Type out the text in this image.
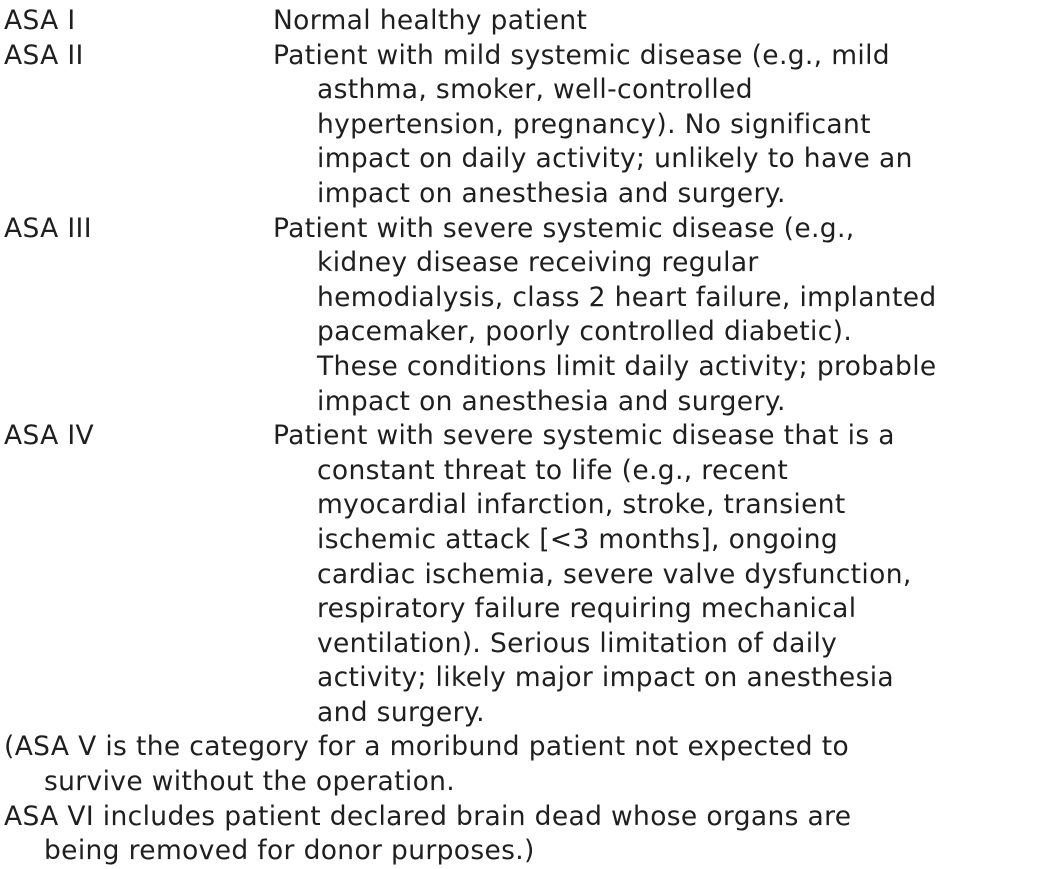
ASA I	Normal healthy patient
ASA II	Patient with mild systemic disease (e.g., mild
asthma, smoker, well-controlled
hypertension, pregnancy). No significant
impact on daily activity; unlikely to have an
impact on anesthesia and surgery.
ASA III	Patient with severe systemic disease (e.g.,
kidney disease receiving regular
hemodialysis, class 2 heart failure, implanted
pacemaker, poorly controlled diabetic).
These conditions limit daily activity; probable
impact on anesthesia and surgery.
ASA IV	Patient with severe systemic disease that is a
constant threat to life (e.g., recent
myocardial infarction, stroke, transient
ischemic attack [<3 months], ongoing
cardiac ischemia, severe valve dysfunction,
respiratory failure requiring mechanical
ventilation). Serious limitation of daily
activity; likely major impact on anesthesia
and surgery.
(ASA V is the category for a moribund patient not expected to
survive without the operation.
ASA VI includes patient declared brain dead whose organs are
being removed for donor purposes.)
